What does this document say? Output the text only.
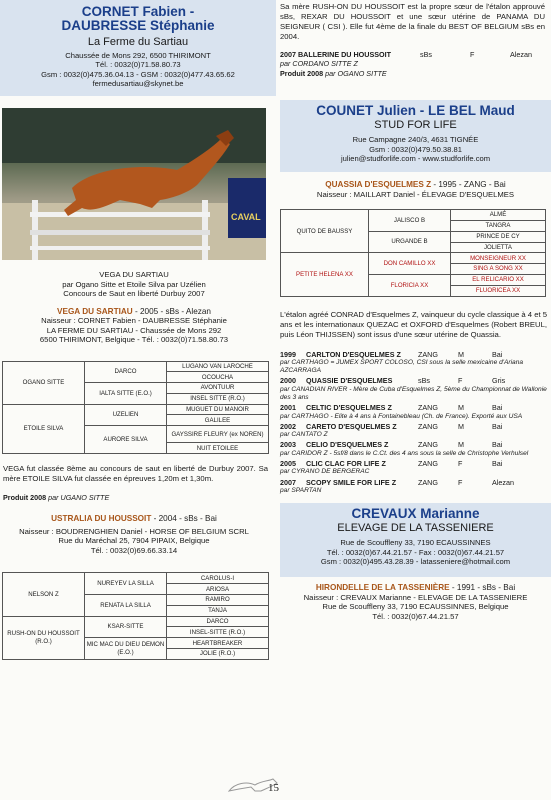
CORNET Fabien -
DAUBRESSE Stéphanie
La Ferme du Sartiau
Chaussée de Mons 292, 6500 THIRIMONT
Tél. : 0032(0)71.58.80.73
Gsm : 0032(0)475.36.04.13 - GSM : 0032(0)477.43.65.62
fermedusartiau@skynet.be
CAVAL
VEGA DU SARTIAU
par Ogano Sitte et Etoile Silva par Uzélien
Concours de Saut en liberté Durbuy 2007
VEGA DU SARTIAU - 2005 - sBs - Alezan
Naisseur : CORNET Fabien - DAUBRESSE Stéphanie
LA FERME DU SARTIAU - Chaussée de Mons 292
6500 THIRIMONT, Belgique - Tél. : 0032(0)71.58.80.73
OGANO SITTE	DARCO	LUGANO VAN LAROCHE
		OCOUCHA
	IALTA SITTE (E.O.)	AVONTUUR
		INSEL SITTE (R.O.)
ETOILE SILVA	UZELIEN	MUGUET DU MANOIR
		GALILEE
	AURORE SILVA	GAYSSIRE FLEURY (ex NOREN)
		NUIT ETOILEE
VEGA fut classée 8ème au concours de saut en liberté de Durbuy 2007. Sa mère ETOILE SILVA fut classée en épreuves 1,20m et 1,30m.
Produit 2008 par UGANO SITTE
USTRALIA DU HOUSSOIT - 2004 - sBs - Bai
Naisseur : BOUDRENGHIEN Daniel - HORSE OF BELGIUM SCRL
Rue du Maréchal 25, 7904 PIPAIX, Belgique
Tél. : 0032(0)69.66.33.14
NELSON Z	NUREYEV LA SILLA	CAROLUS-I
		ARIOSA
	RENATA LA SILLA	RAMIRO
		TANJA
RUSH-ON DU HOUSSOIT (R.O.)	KSAR-SITTE	DARCO
		INSEL-SITTE (R.O.)
	MIC MAC DU DIEU DEMON (E.O.)	HEARTBREAKER
		JOLIE (R.O.)
Sa mère RUSH-ON DU HOUSSOIT est la propre sœur de l'étalon approuvé sBs, REXAR DU HOUSSOIT et une sœur utérine de PANAMA DU SEIGNEUR ( CSI ). Elle fut 4ème de la finale du BEST OF BELGIUM sBs en 2004.
2007 BALLERINE DU HOUSSOIT	sBs	F	Alezan
par CORDANO SITTE Z
Produit 2008 par OGANO SITTE
COUNET Julien - LE BEL Maud
STUD FOR LIFE
Rue Campagne 240/3, 4631 TIGNÉE
Gsm : 0032(0)479.50.38.81
julien@studforlife.com - www.studforlife.com
QUASSIA D'ESQUELMES Z - 1995 - ZANG - Bai
Naisseur : MAILLART Daniel - ÉLEVAGE D'ESQUELMES
QUITO DE BAUSSY	JALISCO B	ALMÉ
		TANGRA
	URGANDE B	PRINCE DE CY
		JOLIETTA
PETITE HELENA XX	DON CAMILLO XX	MONSEIGNEUR XX
		SING A SONG XX
	FLORICIA XX	EL RELICARIO XX
		FLUORICEA XX
L'étalon agréé CONRAD d'Esquelmes Z, vainqueur du cycle classique à 4 et 5 ans et les internationaux QUEZAC et OXFORD d'Esquelmes (Robert BREUL, puis Léon THIJSSEN) sont issus d'une sœur utérine de Quassia.
1999	CARLTON D'ESQUELMES Z	ZANG	M	Bai
par CARTHAGO = JUMEX SPORT COLOSO, CSI sous la selle mexicaine d'Ariana AZCARRAGA
2000	QUASSIE D'ESQUELMES	sBs	F	Gris
par CANADIAN RIVER - Mère de Cuba d'Esquelmes Z, 5ème du Championnat de Wallonie des 3 ans
2001	CELTIC D'ESQUELMES Z	ZANG	M	Bai
par CARTHAGO - Elite à 4 ans à Fontainebleau (Ch. de France). Exporté aux USA
2002	CARETO D'ESQUELMES Z	ZANG	M	Bai
par CANTATO Z
2003	CELIO D'ESQUELMES Z	ZANG	M	Bai
par CARIDOR Z - 5sf/8 dans le C.Ct. des 4 ans sous la selle de Christophe Verhulsel
2005	CLIC CLAC FOR LIFE Z	ZANG	F	Bai
par CYRANO DE BERGERAC
2007	SCOPY SMILE FOR LIFE Z	ZANG	F	Alezan
par SPARTAN
CREVAUX Marianne
ELEVAGE DE LA TASSENIERE
Rue de Scouffleny 33, 7190 ECAUSSINNES
Tél. : 0032(0)67.44.21.57 - Fax : 0032(0)67.44.21.57
Gsm : 0032(0)495.43.28.39 - latasseniere@hotmail.com
HIRONDELLE DE LA TASSENIÈRE - 1991 - sBs - Bai
Naisseur : CREVAUX Marianne - ELEVAGE DE LA TASSENIERE
Rue de Scouffleny 33, 7190 ECAUSSINNES, Belgique
Tél. : 0032(0)67.44.21.57
15
